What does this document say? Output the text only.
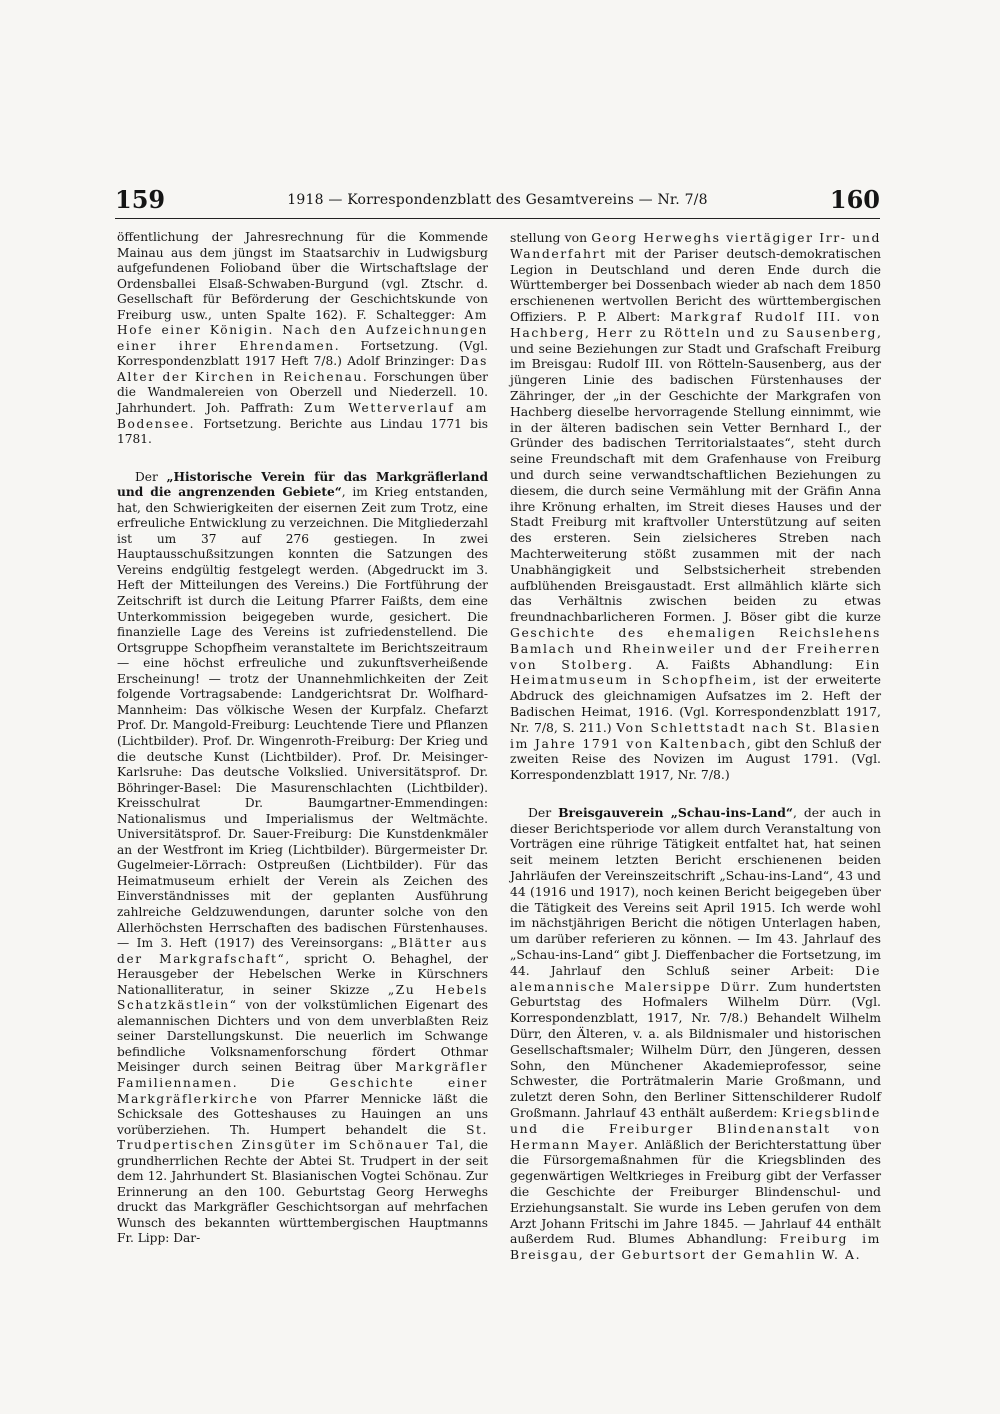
159	1918 — Korrespondenzblatt des Gesamtvereins — Nr. 7/8	160

öffentlichung der Jahresrechnung für die Kommende Mainau aus dem jüngst im Staatsarchiv in Ludwigsburg aufgefundenen Folioband über die Wirtschaftslage der Ordensballei Elsaß-Schwaben-Burgund (vgl. Ztschr. d. Gesellschaft für Beförderung der Geschichtskunde von Freiburg usw., unten Spalte 162). F. Schaltegger: Am Hofe einer Königin. Nach den Aufzeichnungen einer ihrer Ehrendamen. Fortsetzung. (Vgl. Korrespondenzblatt 1917 Heft 7/8.) Adolf Brinzinger: Das Alter der Kirchen in Reichenau. Forschungen über die Wandmalereien von Oberzell und Niederzell. 10. Jahrhundert. Joh. Paffrath: Zum Wetterverlauf am Bodensee. Fortsetzung. Berichte aus Lindau 1771 bis 1781.

Der „Historische Verein für das Markgräflerland und die angrenzenden Gebiete“, im Krieg entstanden, hat, den Schwierigkeiten der eisernen Zeit zum Trotz, eine erfreuliche Entwicklung zu verzeichnen. Die Mitgliederzahl ist um 37 auf 276 gestiegen. In zwei Hauptausschußsitzungen konnten die Satzungen des Vereins endgültig festgelegt werden. (Abgedruckt im 3. Heft der Mitteilungen des Vereins.) Die Fortführung der Zeitschrift ist durch die Leitung Pfarrer Faißts, dem eine Unterkommission beigegeben wurde, gesichert. Die finanzielle Lage des Vereins ist zufriedenstellend. Die Ortsgruppe Schopfheim veranstaltete im Berichtszeitraum — eine höchst erfreuliche und zukunftsverheißende Erscheinung! — trotz der Unannehmlichkeiten der Zeit folgende Vortragsabende: Landgerichtsrat Dr. Wolfhard-Mannheim: Das völkische Wesen der Kurpfalz. Chefarzt Prof. Dr. Mangold-Freiburg: Leuchtende Tiere und Pflanzen (Lichtbilder). Prof. Dr. Wingenroth-Freiburg: Der Krieg und die deutsche Kunst (Lichtbilder). Prof. Dr. Meisinger-Karlsruhe: Das deutsche Volkslied. Universitätsprof. Dr. Böhringer-Basel: Die Masurenschlachten (Lichtbilder). Kreisschulrat Dr. Baumgartner-Emmendingen: Nationalismus und Imperialismus der Weltmächte. Universitätsprof. Dr. Sauer-Freiburg: Die Kunstdenkmäler an der Westfront im Krieg (Lichtbilder). Bürgermeister Dr. Gugelmeier-Lörrach: Ostpreußen (Lichtbilder). Für das Heimatmuseum erhielt der Verein als Zeichen des Einverständnisses mit der geplanten Ausführung zahlreiche Geldzuwendungen, darunter solche von den Allerhöchsten Herrschaften des badischen Fürstenhauses. — Im 3. Heft (1917) des Vereinsorgans: „Blätter aus der Markgrafschaft“, spricht O. Behaghel, der Herausgeber der Hebelschen Werke in Kürschners Nationalliteratur, in seiner Skizze „Zu Hebels Schatzkästlein“ von der volkstümlichen Eigenart des alemannischen Dichters und von dem unverblaßten Reiz seiner Darstellungskunst. Die neuerlich im Schwange befindliche Volksnamenforschung fördert Othmar Meisinger durch seinen Beitrag über Markgräfler Familiennamen.	Die Geschichte einer Markgräflerkirche von Pfarrer Mennicke läßt die Schicksale des Gotteshauses zu Hauingen an uns vorüberziehen. Th. Humpert behandelt die St. Trudpertischen Zinsgüter im Schönauer Tal, die grundherrlichen Rechte der Abtei St. Trudpert in der seit dem 12. Jahrhundert St. Blasianischen Vogtei Schönau. Zur Erinnerung an den 100. Geburtstag Georg Herweghs druckt das Markgräfler Geschichtsorgan auf mehrfachen Wunsch des bekannten württembergischen Hauptmanns Fr. Lipp: Dar-

stellung von Georg Herweghs viertägiger Irr- und Wanderfahrt mit der Pariser deutsch-demokratischen Legion in Deutschland und deren Ende durch die Württemberger bei Dossenbach wieder ab nach dem 1850 erschienenen wertvollen Bericht des württembergischen Offiziers. P. P. Albert: Markgraf Rudolf III. von Hachberg, Herr zu Rötteln und zu Sausenberg, und seine Beziehungen zur Stadt und Grafschaft Freiburg im Breisgau: Rudolf III. von Rötteln-Sausenberg, aus der jüngeren Linie des badischen Fürstenhauses der Zähringer, der „in der Geschichte der Markgrafen von Hachberg dieselbe hervorragende Stellung einnimmt, wie in der älteren badischen sein Vetter Bernhard I., der Gründer des badischen Territorialstaates“, steht durch seine Freundschaft mit dem Grafenhause von Freiburg und durch seine verwandtschaftlichen Beziehungen zu diesem, die durch seine Vermählung mit der Gräfin Anna ihre Krönung erhalten, im Streit dieses Hauses und der Stadt Freiburg mit kraftvoller Unterstützung auf seiten des ersteren. Sein zielsicheres Streben nach Machterweiterung stößt zusammen mit der nach Unabhängigkeit und Selbstsicherheit strebenden aufblühenden Breisgaustadt. Erst allmählich klärte sich das Verhältnis zwischen beiden zu etwas freundnachbarlicheren Formen. J. Böser gibt die kurze Geschichte des ehemaligen Reichslehens Bamlach und Rheinweiler und der Freiherren von Stolberg. A. Faißts Abhandlung: Ein Heimatmuseum in Schopfheim, ist der erweiterte Abdruck des gleichnamigen Aufsatzes im 2. Heft der Badischen Heimat, 1916. (Vgl. Korrespondenzblatt 1917, Nr. 7/8, S. 211.) Von Schlettstadt nach St. Blasien im Jahre 1791 von Kaltenbach, gibt den Schluß der zweiten Reise des Novizen im August 1791. (Vgl. Korrespondenzblatt 1917, Nr. 7/8.)

Der Breisgauverein „Schau-ins-Land“, der auch in dieser Berichtsperiode vor allem durch Veranstaltung von Vorträgen eine rührige Tätigkeit entfaltet hat, hat seinen seit meinem letzten Bericht erschienenen beiden Jahrläufen der Vereinszeitschrift „Schau-ins-Land“, 43 und 44 (1916 und 1917), noch keinen Bericht beigegeben über die Tätigkeit des Vereins seit April 1915. Ich werde wohl im nächstjährigen Bericht die nötigen Unterlagen haben, um darüber referieren zu können. — Im 43. Jahrlauf des „Schau-ins-Land“ gibt J. Dieffenbacher die Fortsetzung, im 44. Jahrlauf den Schluß seiner Arbeit: Die alemannische Malersippe Dürr. Zum hundertsten Geburtstag des Hofmalers Wilhelm Dürr. (Vgl. Korrespondenzblatt, 1917, Nr. 7/8.) Behandelt Wilhelm Dürr, den Älteren, v. a. als Bildnismaler und historischen Gesellschaftsmaler; Wilhelm Dürr, den Jüngeren, dessen Sohn, den Münchener Akademieprofessor, seine Schwester, die Porträtmalerin Marie Großmann, und zuletzt deren Sohn, den Berliner Sittenschilderer Rudolf Großmann. Jahrlauf 43 enthält außerdem: Kriegsblinde und die Freiburger Blindenanstalt von Hermann Mayer. Anläßlich der Berichterstattung über die Fürsorgemaßnahmen für die Kriegsblinden des gegenwärtigen Weltkrieges in Freiburg gibt der Verfasser die Geschichte der Freiburger Blindenschul- und Erziehungsanstalt. Sie wurde ins Leben gerufen von dem Arzt Johann Fritschi im Jahre 1845. — Jahrlauf 44 enthält außerdem Rud. Blumes Abhandlung: Freiburg im Breisgau, der Geburtsort der Gemahlin W. A.
